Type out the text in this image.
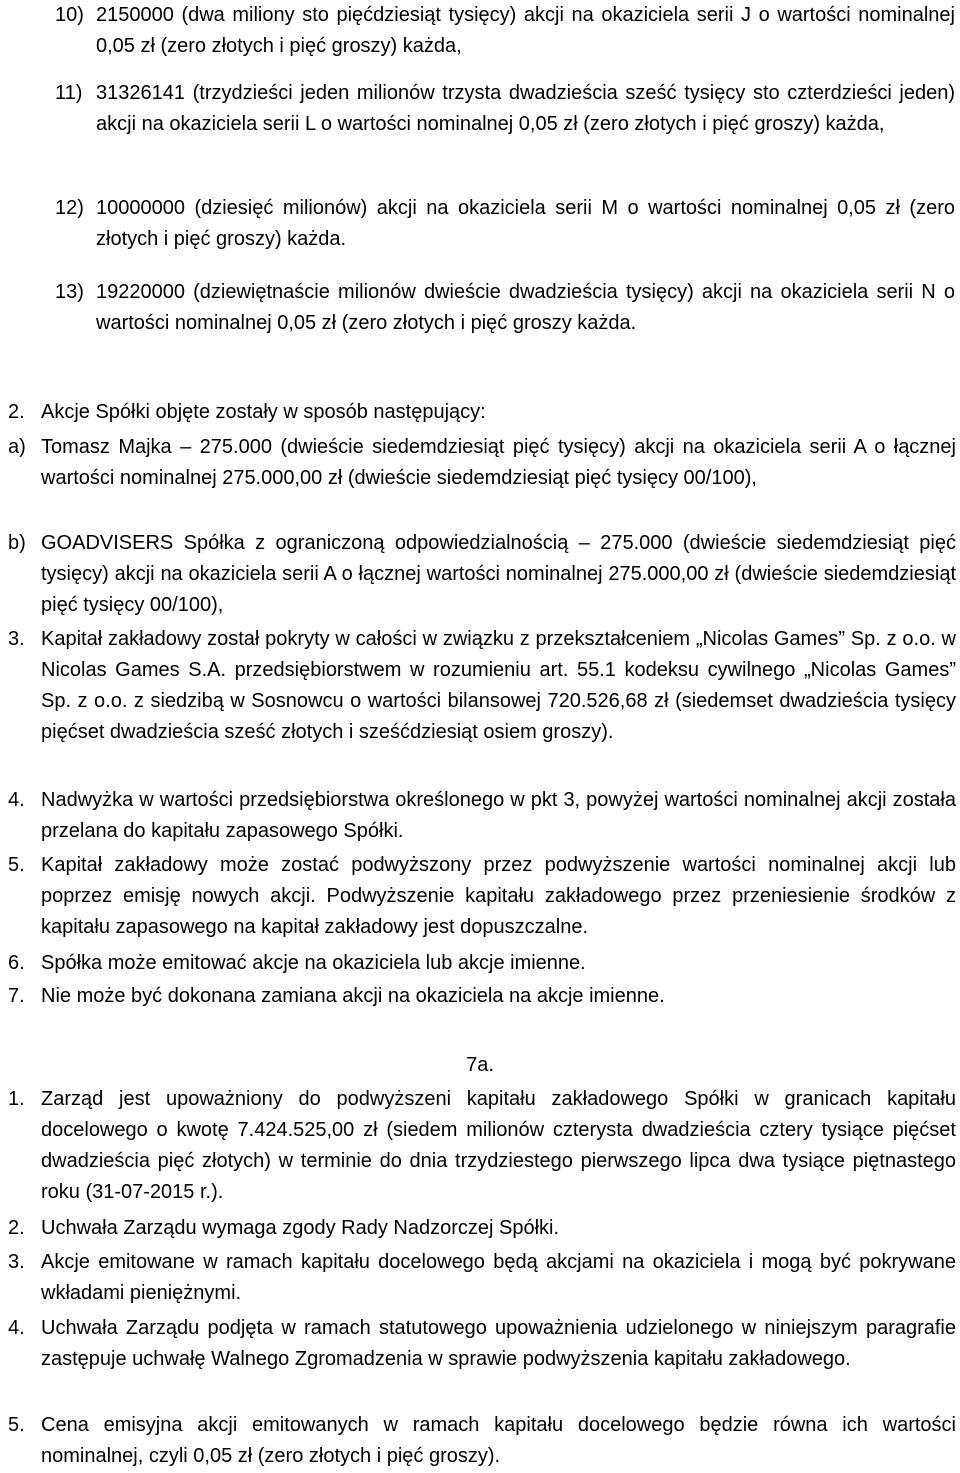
10) 2150000 (dwa miliony sto pięćdziesiąt tysięcy) akcji na okaziciela serii J o wartości nominalnej 0,05 zł (zero złotych i pięć groszy) każda,
11) 31326141 (trzydzieści jeden milionów trzysta dwadzieścia sześć tysięcy sto czterdzieści jeden) akcji na okaziciela serii L o wartości nominalnej 0,05 zł (zero złotych i pięć groszy) każda,
12) 10000000 (dziesięć milionów) akcji na okaziciela serii M o wartości nominalnej 0,05 zł (zero złotych i pięć groszy) każda.
13) 19220000 (dziewiętnaście milionów dwieście dwadzieścia tysięcy) akcji na okaziciela serii N o wartości nominalnej 0,05 zł (zero złotych i pięć groszy każda.
2. Akcje Spółki objęte zostały w sposób następujący:
a) Tomasz Majka – 275.000 (dwieście siedemdziesiąt pięć tysięcy) akcji na okaziciela serii A o łącznej wartości nominalnej 275.000,00 zł (dwieście siedemdziesiąt pięć tysięcy 00/100),
b) GOADVISERS Spółka z ograniczoną odpowiedzialnością – 275.000 (dwieście siedemdziesiąt pięć tysięcy) akcji na okaziciela serii A o łącznej wartości nominalnej 275.000,00 zł (dwieście siedemdziesiąt pięć tysięcy 00/100),
3. Kapitał zakładowy został pokryty w całości w związku z przekształceniem „Nicolas Games” Sp. z o.o. w Nicolas Games S.A. przedsiębiorstwem w rozumieniu art. 55.1 kodeksu cywilnego „Nicolas Games” Sp. z o.o. z siedzibą w Sosnowcu o wartości bilansowej 720.526,68 zł (siedemset dwadzieścia tysięcy pięćset dwadzieścia sześć złotych i sześćdziesiąt osiem groszy).
4. Nadwyżka w wartości przedsiębiorstwa określonego w pkt 3, powyżej wartości nominalnej akcji została przelana do kapitału zapasowego Spółki.
5. Kapitał zakładowy może zostać podwyższony przez podwyższenie wartości nominalnej akcji lub poprzez emisję nowych akcji. Podwyższenie kapitału zakładowego przez przeniesienie środków z kapitału zapasowego na kapitał zakładowy jest dopuszczalne.
6. Spółka może emitować akcje na okaziciela lub akcje imienne.
7. Nie może być dokonana zamiana akcji na okaziciela na akcje imienne.
7a.
1. Zarząd jest upoważniony do podwyższeni kapitału zakładowego Spółki w granicach kapitału docelowego o kwotę 7.424.525,00 zł (siedem milionów czterysta dwadzieścia cztery tysiące pięćset dwadzieścia pięć złotych) w terminie do dnia trzydziestego pierwszego lipca dwa tysiące piętnastego roku (31-07-2015 r.).
2. Uchwała Zarządu wymaga zgody Rady Nadzorczej Spółki.
3. Akcje emitowane w ramach kapitału docelowego będą akcjami na okaziciela i mogą być pokrywane wkładami pieniężnymi.
4. Uchwała Zarządu podjęta w ramach statutowego upoważnienia udzielonego w niniejszym paragrafie zastępuje uchwałę Walnego Zgromadzenia w sprawie podwyższenia kapitału zakładowego.
5. Cena emisyjna akcji emitowanych w ramach kapitału docelowego będzie równa ich wartości nominalnej, czyli 0,05 zł (zero złotych i pięć groszy).
